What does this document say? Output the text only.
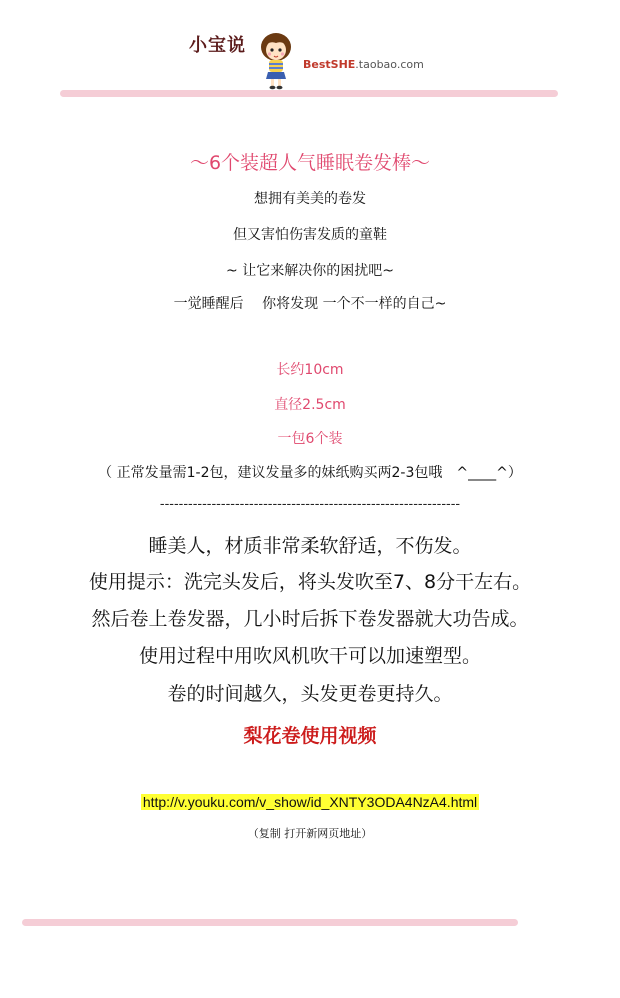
小宝说
BestSHE.taobao.com
～6个装超人气睡眠卷发棒～
想拥有美美的卷发
但又害怕伤害发质的童鞋
~ 让它来解决你的困扰吧~
一觉睡醒后　 你将发现 一个不一样的自己~
长约10cm
直径2.5cm
一包6个装
（ 正常发量需1-2包，建议发量多的妹纸购买两2-3包哦　^____^）
----------------------------------------------------------------
睡美人，材质非常柔软舒适，不伤发。
使用提示：洗完头发后，将头发吹至7、8分干左右。
然后卷上卷发器，几小时后拆下卷发器就大功告成。
使用过程中用吹风机吹干可以加速塑型。
卷的时间越久，头发更卷更持久。
梨花卷使用视频
http://v.youku.com/v_show/id_XNTY3ODA4NzA4.html
（复制 打开新网页地址）
